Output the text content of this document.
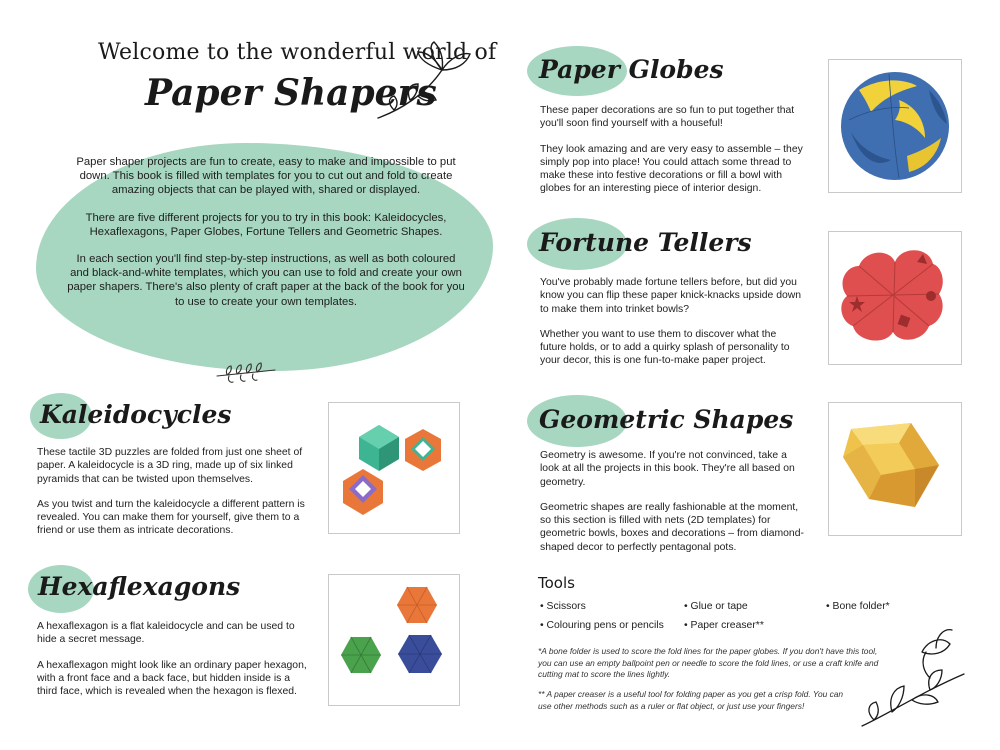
Welcome to the wonderful world of
Paper Shapers

Paper shaper projects are fun to create, easy to make and impossible to put down. This book is filled with templates for you to cut out and fold to create amazing objects that can be played with, shared or displayed.

There are five different projects for you to try in this book: Kaleidocycles, Hexaflexagons, Paper Globes, Fortune Tellers and Geometric Shapes.

In each section you'll find step-by-step instructions, as well as both coloured and black-and-white templates, which you can use to fold and create your own paper shapers. There's also plenty of craft paper at the back of the book for you to use to create your own templates.

Kaleidocycles

These tactile 3D puzzles are folded from just one sheet of paper. A kaleidocycle is a 3D ring, made up of six linked pyramids that can be twisted upon themselves.

As you twist and turn the kaleidocycle a different pattern is revealed. You can make them for yourself, give them to a friend or use them as intricate decorations.

Hexaflexagons

A hexaflexagon is a flat kaleidocycle and can be used to hide a secret message.

A hexaflexagon might look like an ordinary paper hexagon, with a front face and a back face, but hidden inside is a third face, which is revealed when the hexagon is flexed.

Paper Globes

These paper decorations are so fun to put together that you'll soon find yourself with a houseful!

They look amazing and are very easy to assemble – they simply pop into place! You could attach some thread to make these into festive decorations or fill a bowl with globes for an interesting piece of interior design.

Fortune Tellers

You've probably made fortune tellers before, but did you know you can flip these paper knick-knacks upside down to make them into trinket bowls?

Whether you want to use them to discover what the future holds, or to add a quirky splash of personality to your decor, this is one fun-to-make paper project.

Geometric Shapes

Geometry is awesome. If you're not convinced, take a look at all the projects in this book. They're all based on geometry.

Geometric shapes are really fashionable at the moment, so this section is filled with nets (2D templates) for geometric bowls, boxes and decorations – from diamond-shaped decor to perfectly pentagonal pots.

Tools
• Scissors	• Glue or tape	• Bone folder*
• Colouring pens or pencils • Paper creaser**
*A bone folder is used to score the fold lines for the paper globes. If you don't have this tool, you can use an empty ballpoint pen or needle to score the fold lines, or use a craft knife and cutting mat to score the lines lightly.
** A paper creaser is a useful tool for folding paper as you get a crisp fold. You can use other methods such as a ruler or flat object, or just use your fingers!
